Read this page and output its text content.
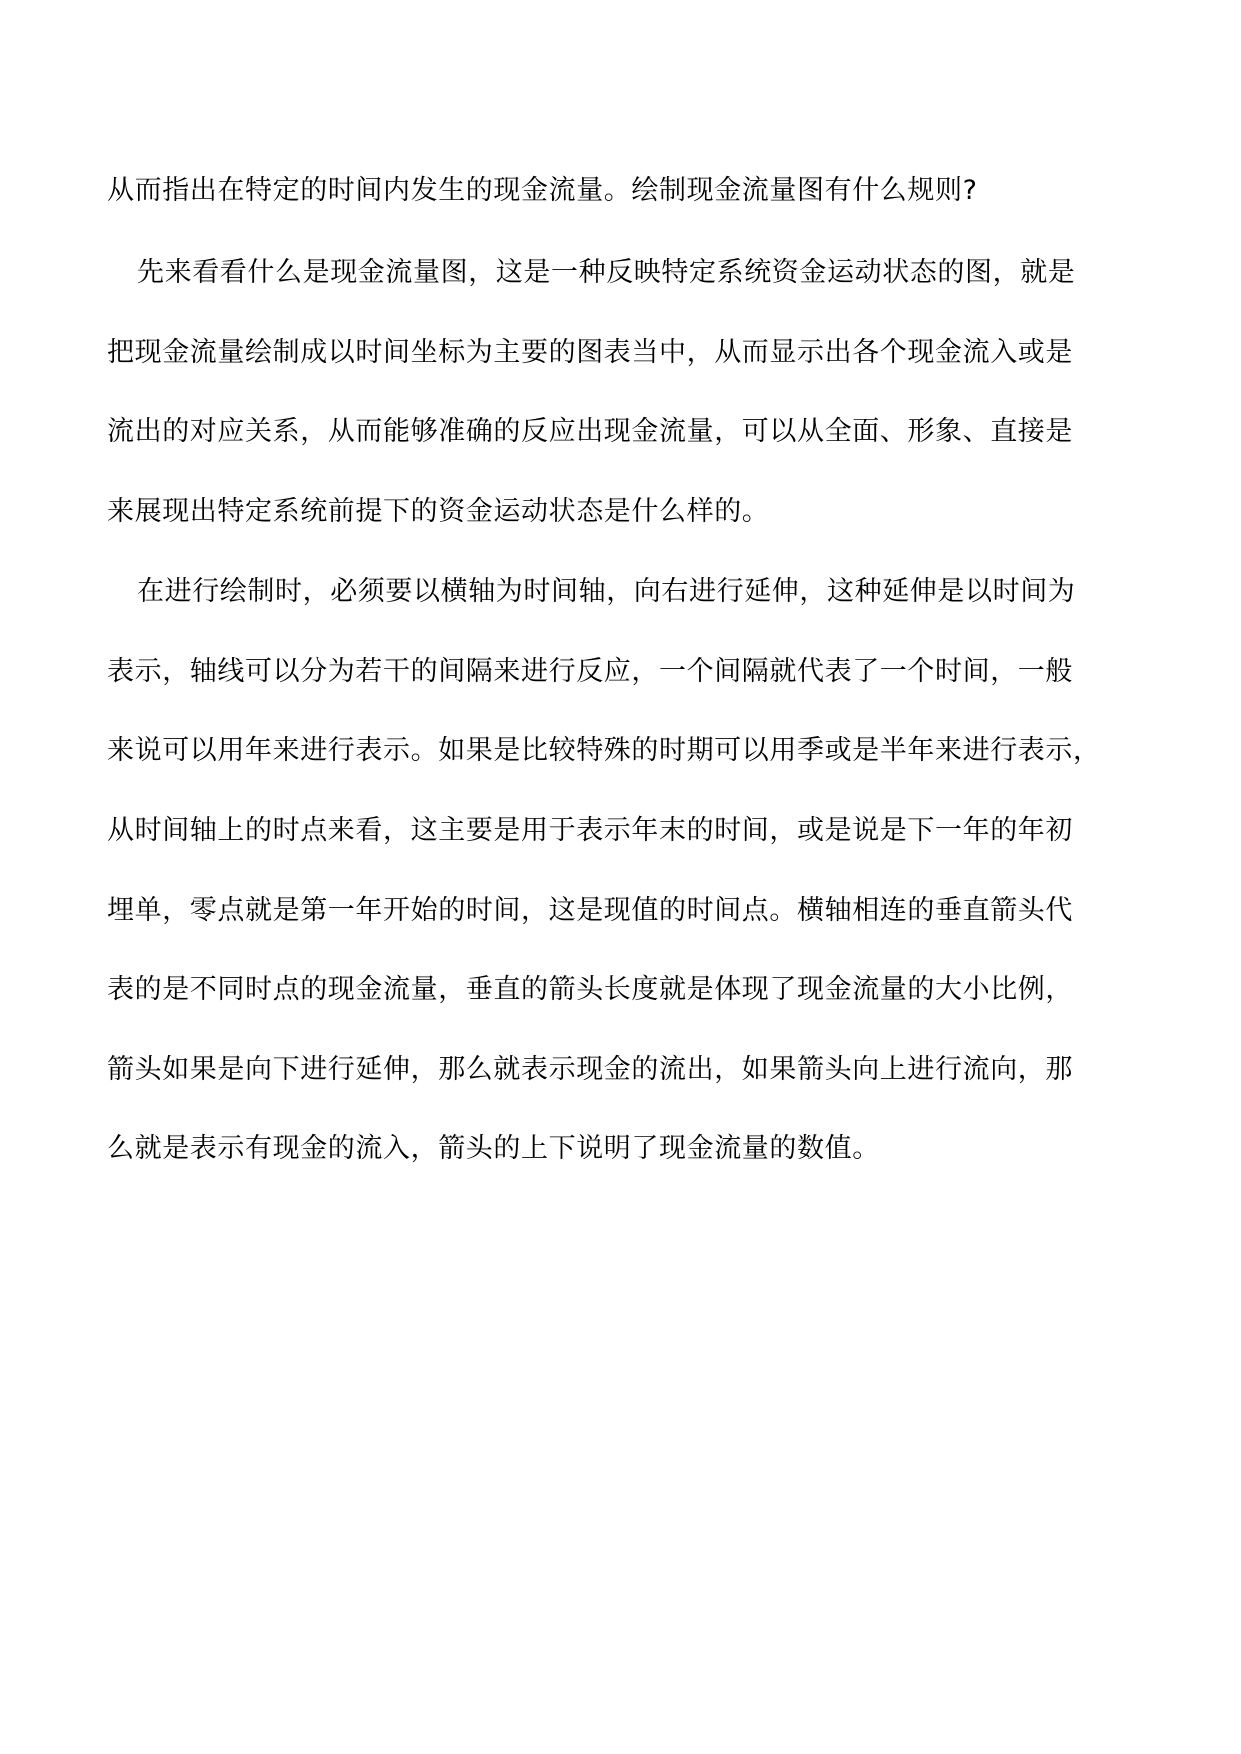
从而指出在特定的时间内发生的现金流量。绘制现金流量图有什么规则?
先来看看什么是现金流量图，这是一种反映特定系统资金运动状态的图，就是
把现金流量绘制成以时间坐标为主要的图表当中，从而显示出各个现金流入或是
流出的对应关系，从而能够准确的反应出现金流量，可以从全面、形象、直接是
来展现出特定系统前提下的资金运动状态是什么样的。
在进行绘制时，必须要以横轴为时间轴，向右进行延伸，这种延伸是以时间为
表示，轴线可以分为若干的间隔来进行反应，一个间隔就代表了一个时间，一般
来说可以用年来进行表示。如果是比较特殊的时期可以用季或是半年来进行表示，
从时间轴上的时点来看，这主要是用于表示年末的时间，或是说是下一年的年初
埋单，零点就是第一年开始的时间，这是现值的时间点。横轴相连的垂直箭头代
表的是不同时点的现金流量，垂直的箭头长度就是体现了现金流量的大小比例，
箭头如果是向下进行延伸，那么就表示现金的流出，如果箭头向上进行流向，那
么就是表示有现金的流入，箭头的上下说明了现金流量的数值。
